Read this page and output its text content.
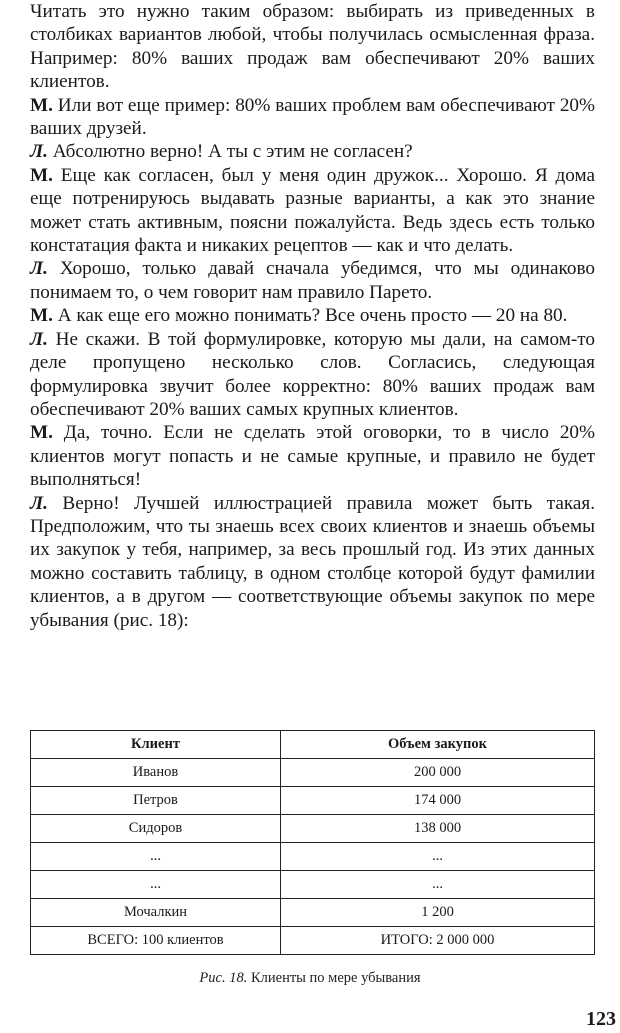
Читать это нужно таким образом: выбирать из приведенных в столбиках вариантов любой, чтобы получилась осмысленная фраза. Например: 80% ваших продаж вам обеспечивают 20% ваших клиентов.

М. Или вот еще пример: 80% ваших проблем вам обеспечивают 20% ваших друзей.

Л. Абсолютно верно! А ты с этим не согласен?

М. Еще как согласен, был у меня один дружок... Хорошо. Я дома еще потренируюсь выдавать разные варианты, а как это знание может стать активным, поясни пожалуйста. Ведь здесь есть только констатация факта и никаких рецептов — как и что делать.

Л. Хорошо, только давай сначала убедимся, что мы одинаково понимаем то, о чем говорит нам правило Парето.

М. А как еще его можно понимать? Все очень просто — 20 на 80.

Л. Не скажи. В той формулировке, которую мы дали, на самом-то деле пропущено несколько слов. Согласись, следующая формулировка звучит более корректно: 80% ваших продаж вам обеспечивают 20% ваших самых крупных клиентов.

М. Да, точно. Если не сделать этой оговорки, то в число 20% клиентов могут попасть и не самые крупные, и правило не будет выполняться!

Л. Верно! Лучшей иллюстрацией правила может быть такая. Предположим, что ты знаешь всех своих клиентов и знаешь объемы их закупок у тебя, например, за весь прошлый год. Из этих данных можно составить таблицу, в одном столбце которой будут фамилии клиентов, а в другом — соответствующие объемы закупок по мере убывания (рис. 18):

Клиент	Объем закупок
Иванов	200 000
Петров	174 000
Сидоров	138 000
...	...
...	...
Мочалкин	1 200
ВСЕГО: 100 клиентов	ИТОГО: 2 000 000
Рис. 18. Клиенты по мере убывания
123
